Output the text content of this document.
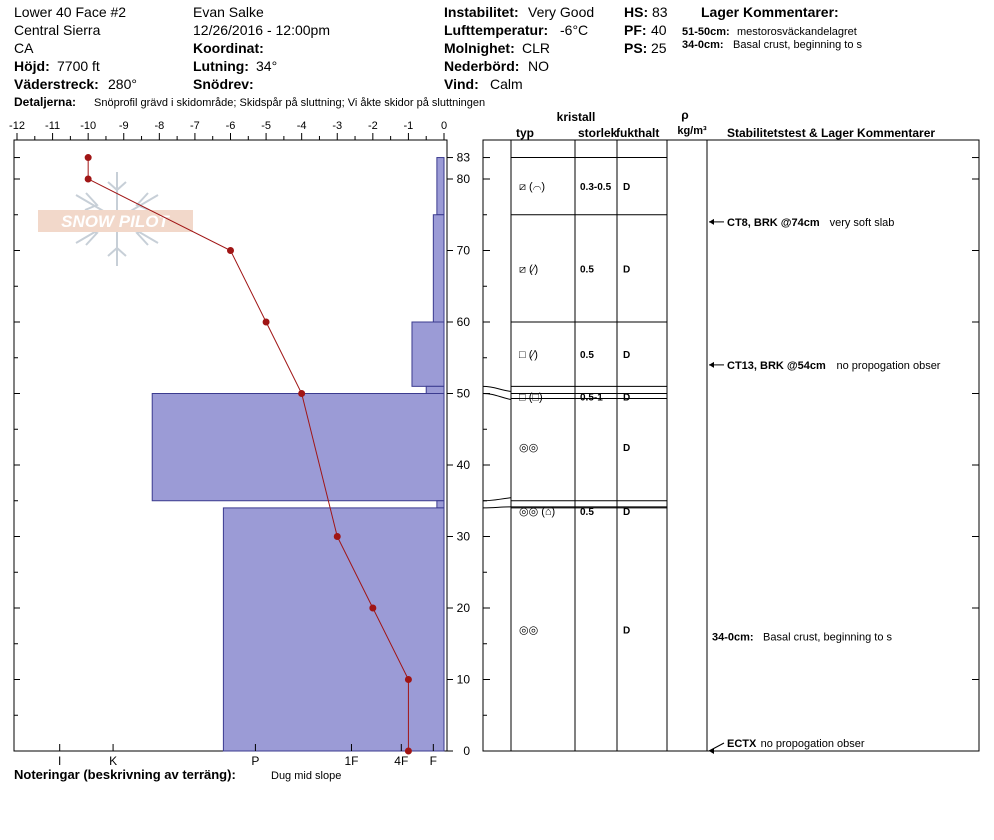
Lower 40 Face #2
Central Sierra
CA
Höjd: 7700 ft
Väderstreck: 280°
Evan Salke
12/26/2016 - 12:00pm
Koordinat:
Lutning: 34°
Snödrev:
Instabilitet: Very Good
Lufttemperatur: -6°C
Molnighet: CLR
Nederbörd: NO
Vind: Calm
HS: 83
PF: 40
PS: 25
Lager Kommentarer:
51-50cm: mestorosväckandelagret
34-0cm: Basal crust, beginning to s
Detaljerna: Snöprofil grävd i skidområde; Skidspår på sluttning; Vi åkte skidor på sluttningen
SNOW PILOT
-12 -11 -10 -9 -8 -7 -6 -5 -4 -3 -2 -1	0
0
10
20
30
40
50
60
70
80
83
I	K	P	1F	4F F
kristall
typ	storlek
fukthalt
ρ
kg/m³ Stabilitetstest & Lager Kommentarer
⧄ (⌒)	0.3-0.5 D
⧄ (⁄)	0.5	D
□ (⁄)	0.5	D
□ (□)	0.5-1 D
◎◎	D
◎◎ (⌂) 0.5	D
◎◎	D
CT8, BRK @74cm very soft slab
CT13, BRK @54cm no propogation obser
ECTX no propogation obser
34-0cm: Basal crust, beginning to s
Noteringar (beskrivning av terräng):	Dug mid slope
